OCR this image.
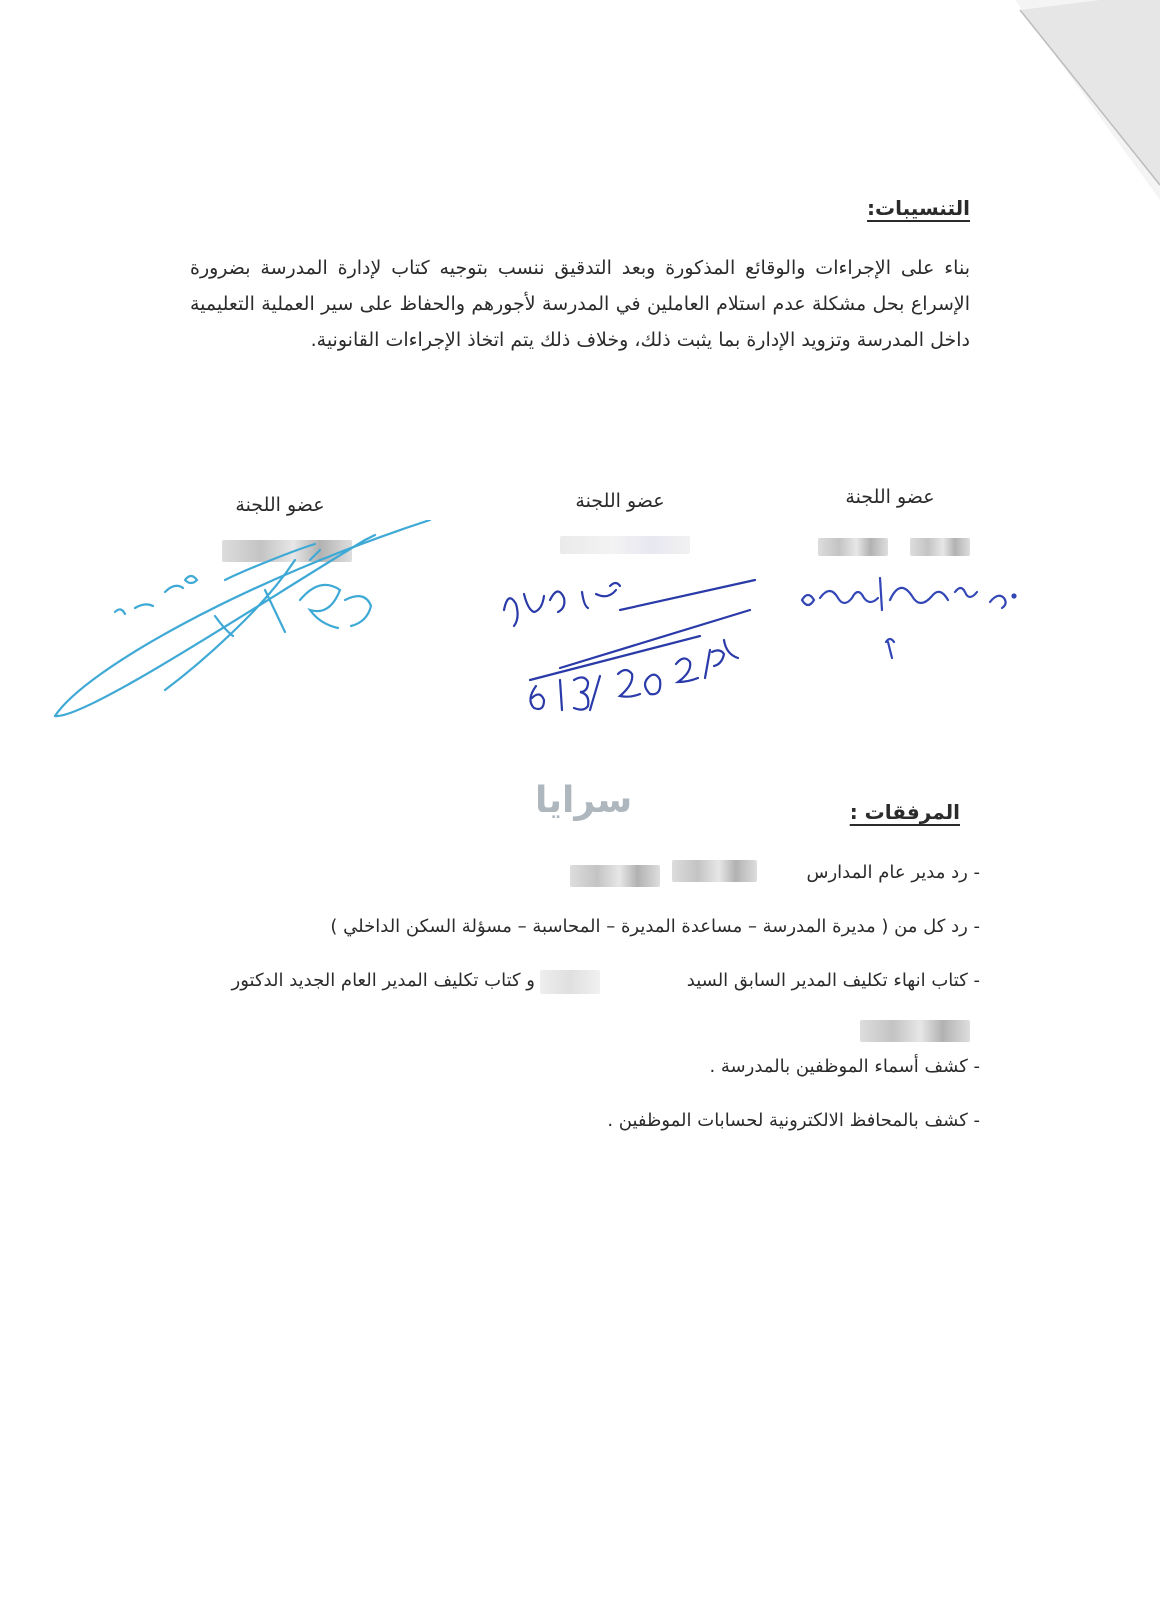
التنسيبات:
بناء على الإجراءات والوقائع المذكورة وبعد التدقيق ننسب بتوجيه كتاب لإدارة المدرسة بضرورة الإسراع بحل مشكلة عدم استلام العاملين في المدرسة لأجورهم والحفاظ على سير العملية التعليمية داخل المدرسة وتزويد الإدارة بما يثبت ذلك، وخلاف ذلك يتم اتخاذ الإجراءات القانونية.
عضو اللجنة
عضو اللجنة
عضو اللجنة
سرايا	المرفقات :
- رد مدير عام المدارس
- رد كل من ( مديرة المدرسة – مساعدة المديرة – المحاسبة – مسؤلة السكن الداخلي )
- كتاب انهاء تكليف المدير السابق السيد
و كتاب تكليف المدير العام الجديد الدكتور
- كشف أسماء الموظفين بالمدرسة .
- كشف بالمحافظ الالكترونية لحسابات الموظفين .
